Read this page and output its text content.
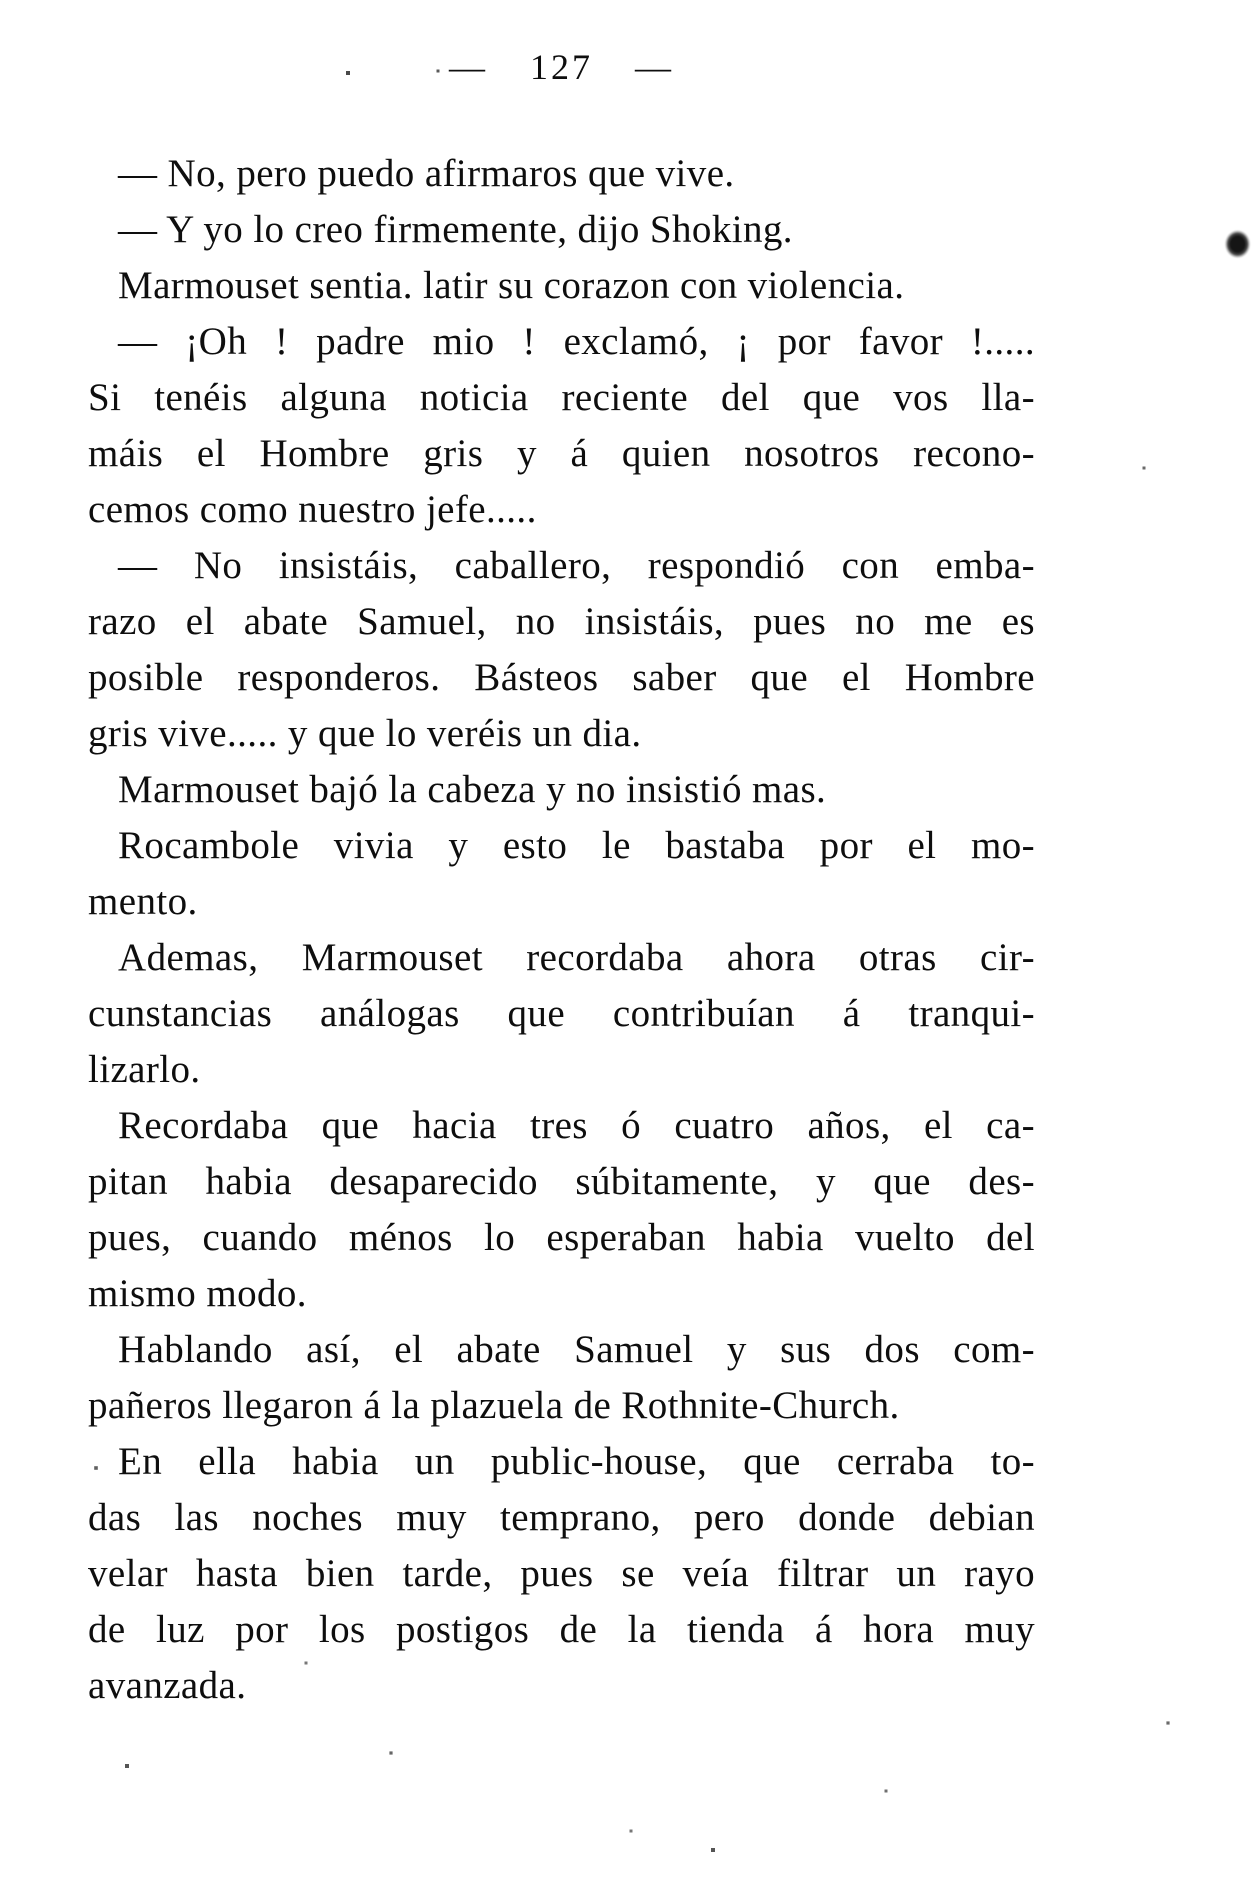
— 127 —
— No, pero puedo afirmaros que vive.
— Y yo lo creo firmemente, dijo Shoking.
Marmouset sentia. latir su corazon con violencia.
— ¡Oh ! padre mio ! exclamó, ¡ por favor !.....
Si tenéis alguna noticia reciente del que vos lla-
máis el Hombre gris y á quien nosotros recono-
cemos como nuestro jefe.....
— No insistáis, caballero, respondió con emba-
razo el abate Samuel, no insistáis, pues no me es
posible responderos. Básteos saber que el Hombre
gris vive..... y que lo veréis un dia.
Marmouset bajó la cabeza y no insistió mas.
Rocambole vivia y esto le bastaba por el mo-
mento.
Ademas, Marmouset recordaba ahora otras cir-
cunstancias análogas que contribuían á tranqui-
lizarlo.
Recordaba que hacia tres ó cuatro años, el ca-
pitan habia desaparecido súbitamente, y que des-
pues, cuando ménos lo esperaban habia vuelto del
mismo modo.
Hablando así, el abate Samuel y sus dos com-
pañeros llegaron á la plazuela de Rothnite-Church.
En ella habia un public-house, que cerraba to-
das las noches muy temprano, pero donde debian
velar hasta bien tarde, pues se veía filtrar un rayo
de luz por los postigos de la tienda á hora muy
avanzada.
